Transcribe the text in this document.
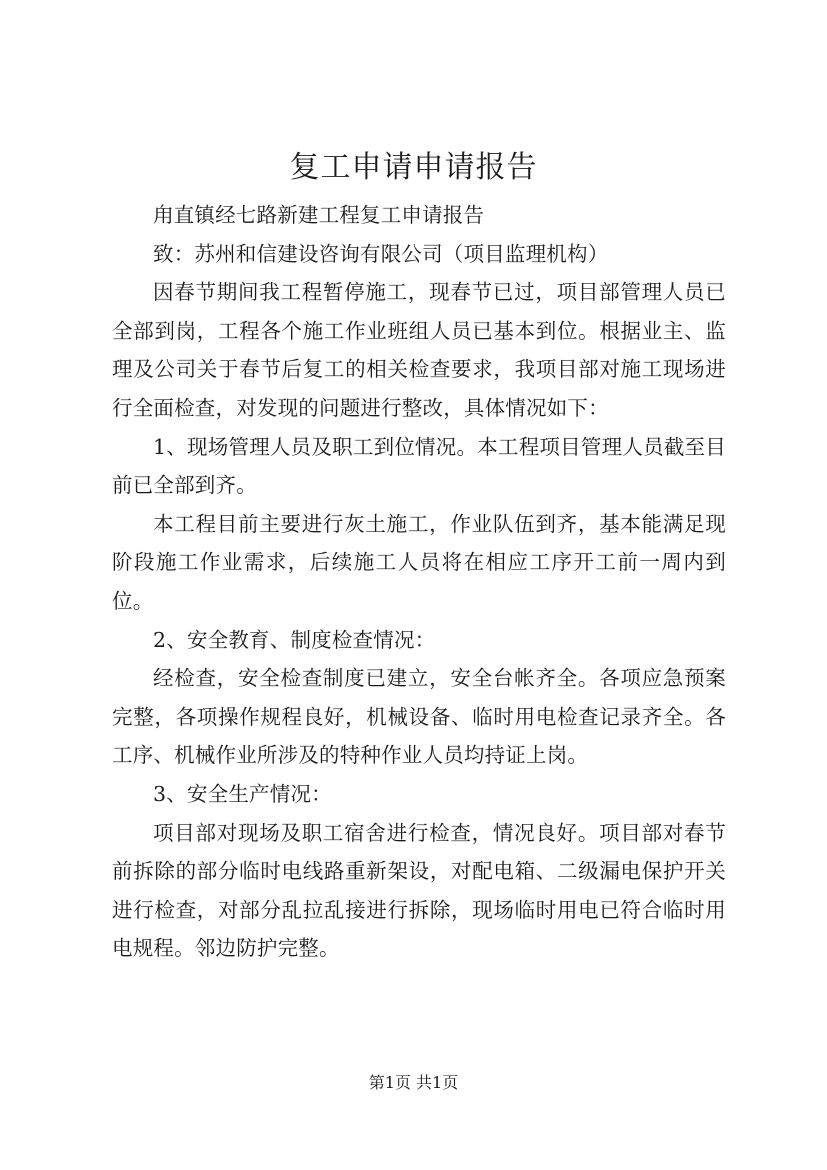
复工申请申请报告

甪直镇经七路新建工程复工申请报告

致：苏州和信建设咨询有限公司（项目监理机构）

因春节期间我工程暂停施工，现春节已过，项目部管理人员已全部到岗，工程各个施工作业班组人员已基本到位。根据业主、监理及公司关于春节后复工的相关检查要求，我项目部对施工现场进行全面检查，对发现的问题进行整改，具体情况如下：

1、现场管理人员及职工到位情况。本工程项目管理人员截至目前已全部到齐。

本工程目前主要进行灰土施工，作业队伍到齐，基本能满足现阶段施工作业需求，后续施工人员将在相应工序开工前一周内到位。

2、安全教育、制度检查情况：

经检查，安全检查制度已建立，安全台帐齐全。各项应急预案完整，各项操作规程良好，机械设备、临时用电检查记录齐全。各工序、机械作业所涉及的特种作业人员均持证上岗。

3、安全生产情况：

项目部对现场及职工宿舍进行检查，情况良好。项目部对春节前拆除的部分临时电线路重新架设，对配电箱、二级漏电保护开关进行检查，对部分乱拉乱接进行拆除，现场临时用电已符合临时用电规程。邻边防护完整。

第1页 共1页
